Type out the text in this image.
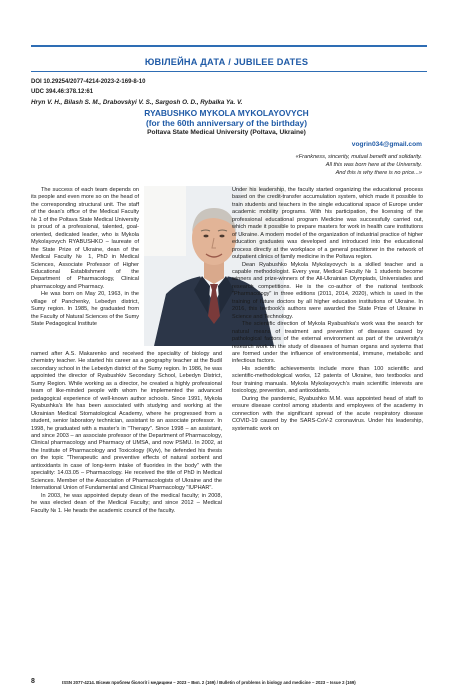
ЮВІЛЕЙНА ДАТА / JUBILEE DATES
DOI 10.29254/2077-4214-2023-2-169-8-10
UDC 394.46:378.12:61
Hryn V. H., Bilash S. M., Drabovskyi V. S., Sargosh O. D., Rybalka Ya. V.
RYABUSHKO MYKOLA MYKOLAYOVYCH
(for the 60th anniversary of the birthday)
Poltava State Medical University (Poltava, Ukraine)
vogrin034@gmail.com
«Frankness, sincerity, mutual benefit and solidarity.
All this was born here at the University.
And this is why there is no price...»

The success of each team depends on its people and even more so on the head of the corresponding structural unit. The staff of the dean's office of the Medical Faculty № 1 of the Poltava State Medical University is proud of a professional, talented, goal-oriented, dedicated leader, who is Mykola Mykolayovych RYABUSHKO – laureate of the State Prize of Ukraine, dean of the Medical Faculty № 1, PhD in Medical Sciences, Associate Professor of Higher Educational Establishment of the Department of Pharmacology, Clinical pharmacology and Pharmacy.

He was born on May 20, 1963, in the village of Panchenky, Lebedyn district, Sumy region. In 1985, he graduated from the Faculty of Natural Sciences of the Sumy State Pedagogical Institute

named after A.S. Makarenko and received the speciality of biology and chemistry teacher. He started his career as a geography teacher at the Budil secondary school in the Lebedyn district of the Sumy region. In 1986, he was appointed the director of Ryabushkiv Secondary School, Lebedyn District, Sumy Region. While working as a director, he created a highly professional team of like-minded people with whom he implemented the advanced pedagogical experience of well-known author schools. Since 1991, Mykola Ryabushka's life has been associated with studying and working at the Ukrainian Medical Stomatological Academy, where he progressed from a student, senior laboratory technician, assistant to an associate professor. In 1998, he graduated with a master's in "Therapy". Since 1998 – an assistant, and since 2003 – an associate professor of the Department of Pharmacology, Clinical pharmacology and Pharmacy of UMSA, and now PSMU. In 2002, at the Institute of Pharmacology and Toxicology (Kyiv), he defended his thesis on the topic "Therapeutic and preventive effects of natural sorbent and antioxidants in case of long-term intake of fluorides in the body" with the speciality: 14.03.05 – Pharmacology. He received the title of PhD in Medical Sciences. Member of the Association of Pharmacologists of Ukraine and the International Union of Fundamental and Clinical Pharmacology "IUPHAR".

In 2003, he was appointed deputy dean of the medical faculty; in 2008, he was elected dean of the Medical Faculty; and since 2012 – Medical Faculty № 1. He heads the academic council of the faculty.

Under his leadership, the faculty started organizing the educational process based on the credit-transfer accumulation system, which made it possible to train students and teachers in the single educational space of Europe under academic mobility programs. With his participation, the licensing of the professional educational program Medicine was successfully carried out, which made it possible to prepare masters for work in health care institutions of Ukraine. A modern model of the organization of industrial practice of higher education graduates was developed and introduced into the educational process directly at the workplace of a general practitioner in the network of outpatient clinics of family medicine in the Poltava region.

Dean Ryabushko Mykola Mykolayovych is a skilled teacher and a capable methodologist. Every year, Medical Faculty № 1 students become winners and prize-winners of the All-Ukrainian Olympiads, Universiades and research competitions. He is the co-author of the national textbook "Pharmacology" in three editions (2011, 2014, 2020), which is used in the training of future doctors by all higher education institutions of Ukraine. In 2016, this textbook's authors were awarded the State Prize of Ukraine in Science and Technology.

The scientific direction of Mykola Ryabushka's work was the search for natural means of treatment and prevention of diseases caused by pathological factors of the external environment as part of the university's research work on the study of diseases of human organs and systems that are formed under the influence of environmental, immune, metabolic and infectious factors.

His scientific achievements include more than 100 scientific and scientific-methodological works, 12 patents of Ukraine, two textbooks and four training manuals. Mykola Mykolayovych's main scientific interests are toxicology, prevention, and antioxidants.

During the pandemic, Ryabushko M.M. was appointed head of staff to ensure disease control among students and employees of the academy in connection with the significant spread of the acute respiratory disease COVID-19 caused by the SARS-CoV-2 coronavirus. Under his leadership, systematic work on

8	ISSN 2077-4214. Вісник проблем біології і медицини – 2023 – Вип. 2 (169) / Bulletin of problems in biology and medicine – 2023 – Issue 2 (169)
